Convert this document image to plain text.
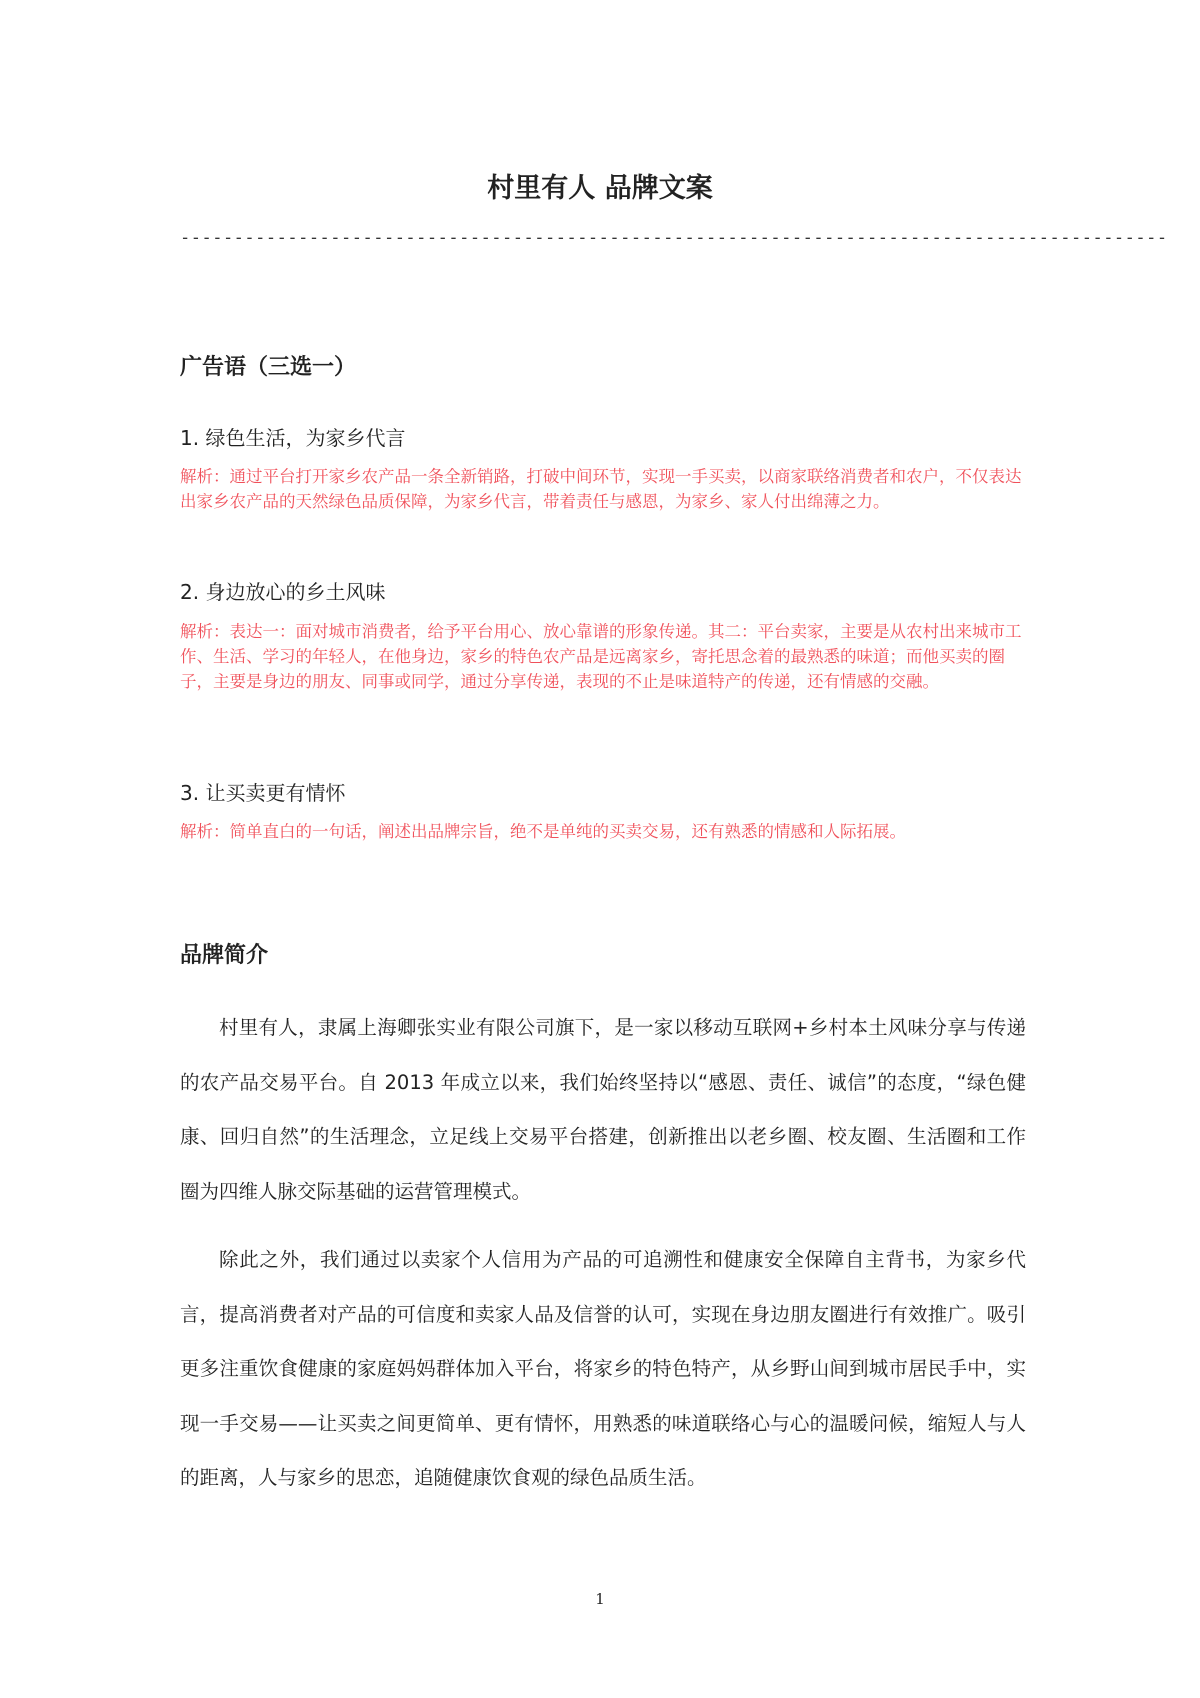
村里有人 品牌文案
--------------------------------------------------------------------------------------------
广告语（三选一）
1. 绿色生活，为家乡代言
解析：通过平台打开家乡农产品一条全新销路，打破中间环节，实现一手买卖，以商家联络消费者和农户，不仅表达出家乡农产品的天然绿色品质保障，为家乡代言，带着责任与感恩，为家乡、家人付出绵薄之力。
2. 身边放心的乡土风味
解析：表达一：面对城市消费者，给予平台用心、放心靠谱的形象传递。其二：平台卖家，主要是从农村出来城市工作、生活、学习的年轻人，在他身边，家乡的特色农产品是远离家乡，寄托思念着的最熟悉的味道；而他买卖的圈子，主要是身边的朋友、同事或同学，通过分享传递，表现的不止是味道特产的传递，还有情感的交融。
3. 让买卖更有情怀
解析：简单直白的一句话，阐述出品牌宗旨，绝不是单纯的买卖交易，还有熟悉的情感和人际拓展。
品牌简介
村里有人，隶属上海卿张实业有限公司旗下，是一家以移动互联网+乡村本土风味分享与传递的农产品交易平台。自 2013 年成立以来，我们始终坚持以“感恩、责任、诚信”的态度，“绿色健康、回归自然”的生活理念，立足线上交易平台搭建，创新推出以老乡圈、校友圈、生活圈和工作圈为四维人脉交际基础的运营管理模式。
除此之外，我们通过以卖家个人信用为产品的可追溯性和健康安全保障自主背书，为家乡代言，提高消费者对产品的可信度和卖家人品及信誉的认可，实现在身边朋友圈进行有效推广。吸引更多注重饮食健康的家庭妈妈群体加入平台，将家乡的特色特产，从乡野山间到城市居民手中，实现一手交易——让买卖之间更简单、更有情怀，用熟悉的味道联络心与心的温暖问候，缩短人与人的距离，人与家乡的思恋，追随健康饮食观的绿色品质生活。
1
